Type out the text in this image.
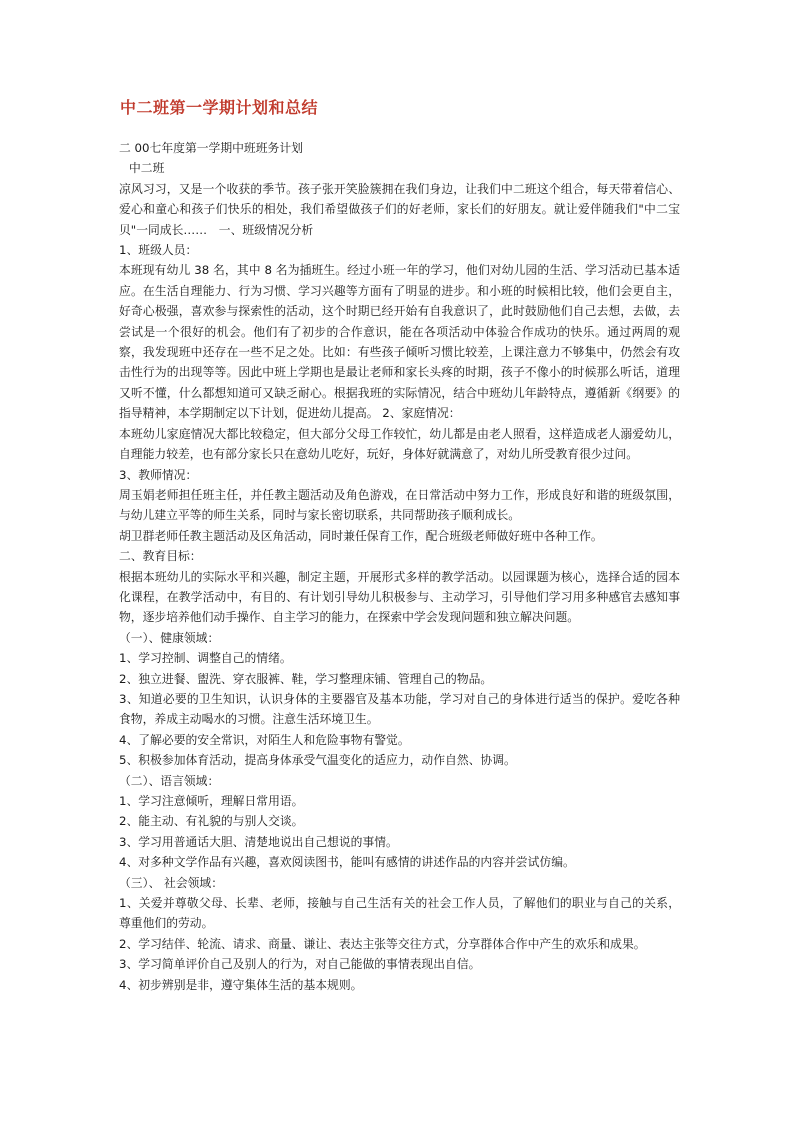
中二班第一学期计划和总结

二 00七年度第一学期中班班务计划

中二班

凉风习习，又是一个收获的季节。孩子张开笑脸簇拥在我们身边，让我们中二班这个组合，每天带着信心、爱心和童心和孩子们快乐的相处，我们希望做孩子们的好老师，家长们的好朋友。就让爱伴随我们"中二宝贝"一同成长……　一、班级情况分析

1、班级人员：

本班现有幼儿 38 名，其中 8 名为插班生。经过小班一年的学习，他们对幼儿园的生活、学习活动已基本适应。在生活自理能力、行为习惯、学习兴趣等方面有了明显的进步。和小班的时候相比较，他们会更自主，好奇心极强，喜欢参与探索性的活动，这个时期已经开始有自我意识了，此时鼓励他们自己去想，去做，去尝试是一个很好的机会。他们有了初步的合作意识，能在各项活动中体验合作成功的快乐。通过两周的观察，我发现班中还存在一些不足之处。比如：有些孩子倾听习惯比较差，上课注意力不够集中，仍然会有攻击性行为的出现等等。因此中班上学期也是最让老师和家长头疼的时期，孩子不像小的时候那么听话，道理又听不懂，什么都想知道可又缺乏耐心。根据我班的实际情况，结合中班幼儿年龄特点，遵循新《纲要》的指导精神，本学期制定以下计划，促进幼儿提高。 2、家庭情况：

本班幼儿家庭情况大都比较稳定，但大部分父母工作较忙，幼儿都是由老人照看，这样造成老人溺爱幼儿，自理能力较差，也有部分家长只在意幼儿吃好，玩好，身体好就满意了，对幼儿所受教育很少过问。

3、教师情况：

周玉娟老师担任班主任，并任教主题活动及角色游戏，在日常活动中努力工作，形成良好和谐的班级氛围，与幼儿建立平等的师生关系，同时与家长密切联系，共同帮助孩子顺利成长。

胡卫群老师任教主题活动及区角活动，同时兼任保育工作，配合班级老师做好班中各种工作。

二、教育目标：

根据本班幼儿的实际水平和兴趣，制定主题，开展形式多样的教学活动。以园课题为核心，选择合适的园本化课程，在教学活动中，有目的、有计划引导幼儿积极参与、主动学习，引导他们学习用多种感官去感知事物，逐步培养他们动手操作、自主学习的能力，在探索中学会发现问题和独立解决问题。

（一）、健康领域：

1、学习控制、调整自己的情绪。

2、独立进餐、盥洗、穿衣服裤、鞋，学习整理床铺、管理自己的物品。

3、知道必要的卫生知识，认识身体的主要器官及基本功能，学习对自己的身体进行适当的保护。爱吃各种食物，养成主动喝水的习惯。注意生活环境卫生。

4、了解必要的安全常识，对陌生人和危险事物有警觉。

5、积极参加体育活动，提高身体承受气温变化的适应力，动作自然、协调。

（二）、语言领域：

1、学习注意倾听，理解日常用语。

2、能主动、有礼貌的与别人交谈。

3、学习用普通话大胆、清楚地说出自己想说的事情。

4、对多种文学作品有兴趣，喜欢阅读图书，能叫有感情的讲述作品的内容并尝试仿编。

（三）、 社会领域：

1、关爱并尊敬父母、长辈、老师，接触与自己生活有关的社会工作人员，了解他们的职业与自己的关系，尊重他们的劳动。

2、学习结伴、轮流、请求、商量、谦让、表达主张等交往方式，分享群体合作中产生的欢乐和成果。

3、学习简单评价自己及别人的行为，对自己能做的事情表现出自信。

4、初步辨别是非，遵守集体生活的基本规则。
